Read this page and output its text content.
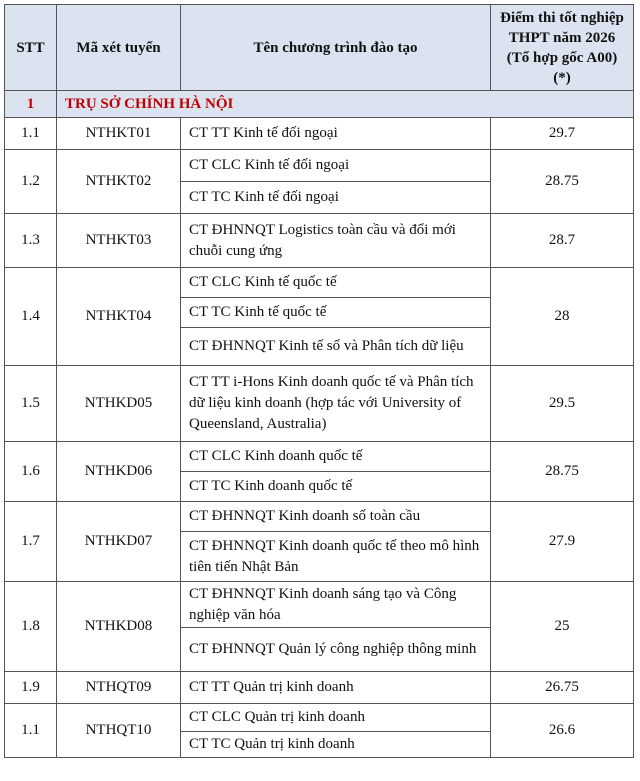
STT	Mã xét tuyển	Tên chương trình đào tạo	Điểm thi tốt nghiệp THPT năm 2026 (Tổ hợp gốc A00) (*)
1	TRỤ SỞ CHÍNH HÀ NỘI		
1.1	NTHKT01	CT TT Kinh tế đối ngoại	29.7
1.2	NTHKT02	CT CLC Kinh tế đối ngoại	28.75
		CT TC Kinh tế đối ngoại	
1.3	NTHKT03	CT ĐHNNQT Logistics toàn cầu và đổi mới chuỗi cung ứng	28.7
1.4	NTHKT04	CT CLC Kinh tế quốc tế	28
		CT TC Kinh tế quốc tế	
		CT ĐHNNQT Kinh tế số và Phân tích dữ liệu	
1.5	NTHKD05	CT TT i-Hons Kinh doanh quốc tế và Phân tích dữ liệu kinh doanh (hợp tác với University of Queensland, Australia)	29.5
1.6	NTHKD06	CT CLC Kinh doanh quốc tế	28.75
		CT TC Kinh doanh quốc tế	
1.7	NTHKD07	CT ĐHNNQT Kinh doanh số toàn cầu	27.9
		CT ĐHNNQT Kinh doanh quốc tế theo mô hình tiên tiến Nhật Bản	
1.8	NTHKD08	CT ĐHNNQT Kinh doanh sáng tạo và Công nghiệp văn hóa	25
		CT ĐHNNQT Quản lý công nghiệp thông minh	
1.9	NTHQT09	CT TT Quản trị kinh doanh	26.75
1.1	NTHQT10	CT CLC Quản trị kinh doanh	26.6
		CT TC Quản trị kinh doanh	
